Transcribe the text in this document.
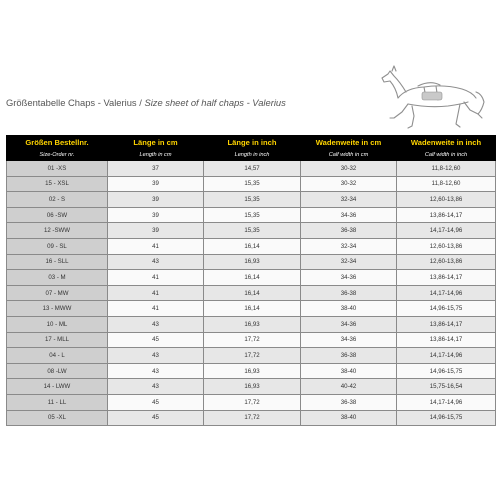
Größentabelle Chaps - Valerius / Size sheet of half chaps - Valerius
Größen Bestellnr.	Länge in cm	Länge in inch	Wadenweite in cm	Wadenweite in inch
Size-Order nr.	Length in cm	Length in inch	Calf width in cm	Calf width in inch
01 -XS	37	14,57	30-32	11,8-12,60
15 - XSL	39	15,35	30-32	11,8-12,60
02 - S	39	15,35	32-34	12,60-13,86
06 -SW	39	15,35	34-36	13,86-14,17
12 -SWW	39	15,35	36-38	14,17-14,96
09 - SL	41	16,14	32-34	12,60-13,86
16 - SLL	43	16,93	32-34	12,60-13,86
03 - M	41	16,14	34-36	13,86-14,17
07 - MW	41	16,14	36-38	14,17-14,96
13 - MWW	41	16,14	38-40	14,96-15,75
10 - ML	43	16,93	34-36	13,86-14,17
17 - MLL	45	17,72	34-36	13,86-14,17
04 - L	43	17,72	36-38	14,17-14,96
08 -LW	43	16,93	38-40	14,96-15,75
14 - LWW	43	16,93	40-42	15,75-16,54
11 - LL	45	17,72	36-38	14,17-14,96
05 -XL	45	17,72	38-40	14,96-15,75
